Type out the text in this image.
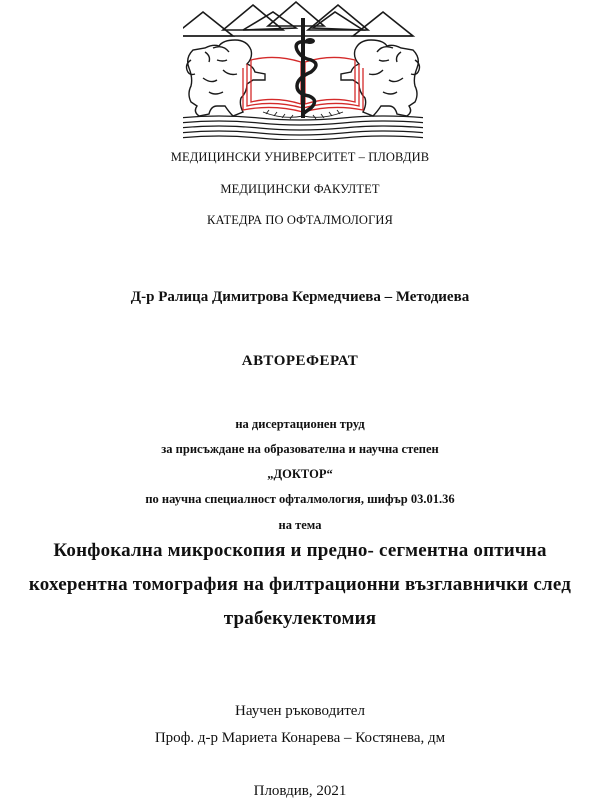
МЕДИЦИНСКИ УНИВЕРСИТЕТ – ПЛОВДИВ
МЕДИЦИНСКИ ФАКУЛТЕТ
КАТЕДРА ПО ОФТАЛМОЛОГИЯ
Д-р Ралица Димитрова Кермедчиева – Методиева
АВТОРЕФЕРАТ
на дисертационен труд
за присъждане на образователна и научна степен
„ДОКТОР“
по научна специалност офталмология, шифър 03.01.36
на тема
Конфокална микроскопия и предно- сегментна оптична
кохерентна томография на филтрационни възглавнички след
трабекулектомия
Научен ръководител
Проф. д-р Мариета Конарева – Костянева, дм
Пловдив, 2021
